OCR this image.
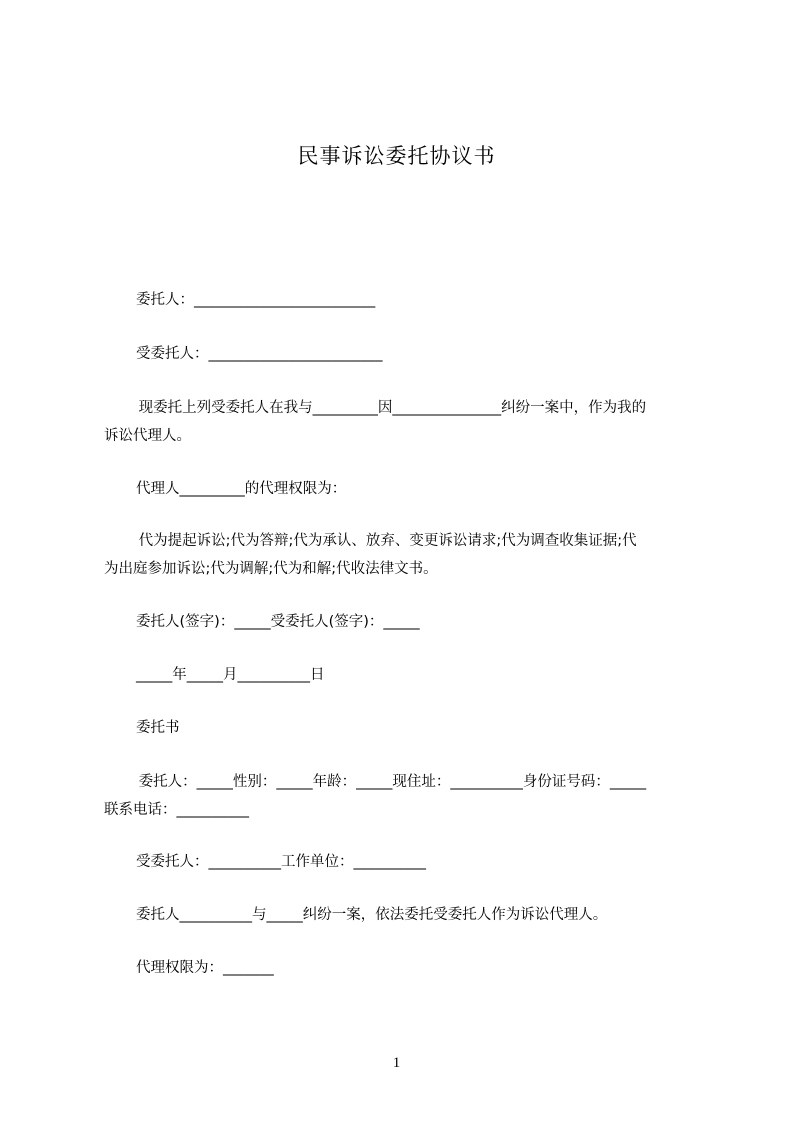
民事诉讼委托协议书
委托人：_________________________
受委托人：________________________
现委托上列受委托人在我与_________因_______________纠纷一案中，作为我的
诉讼代理人。
代理人_________的代理权限为：
代为提起诉讼;代为答辩;代为承认、放弃、变更诉讼请求;代为调查收集证据;代
为出庭参加诉讼;代为调解;代为和解;代收法律文书。
委托人(签字)：_____受委托人(签字)：_____
_____年_____月__________日
委托书
委托人：_____性别：_____年龄：_____现住址：__________身份证号码：_____
联系电话：__________
受委托人：__________工作单位：__________
委托人__________与_____纠纷一案，依法委托受委托人作为诉讼代理人。
代理权限为：_______
1
